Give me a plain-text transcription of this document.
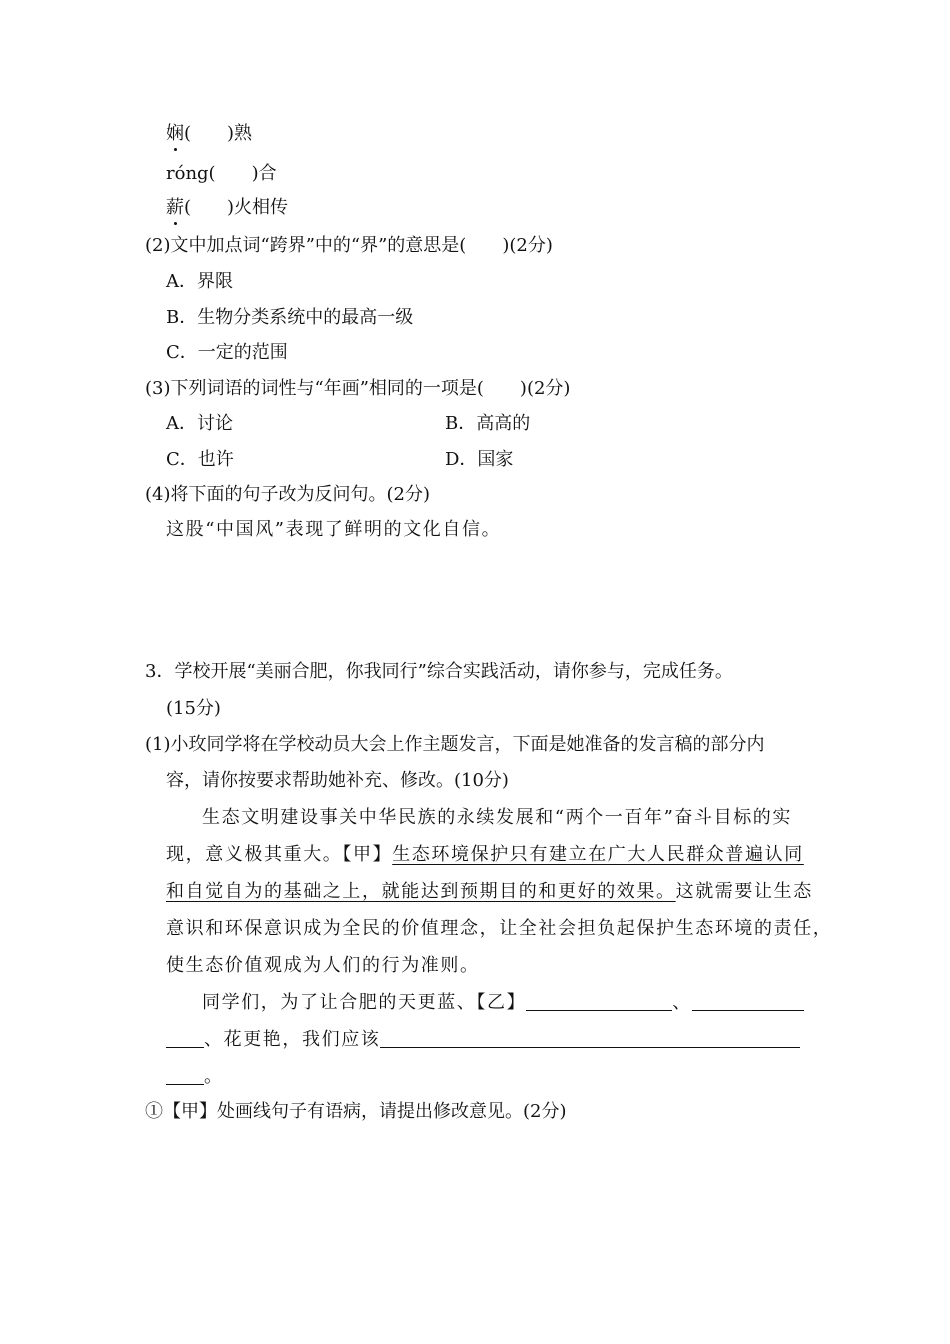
娴(　　)熟
róng(　　)合
薪(　　)火相传
(2)文中加点词“跨界”中的“界”的意思是(　　)(2分)
A．界限
B．生物分类系统中的最高一级
C．一定的范围
(3)下列词语的词性与“年画”相同的一项是(　　)(2分)
A．讨论	B．高高的
C．也许	D．国家
(4)将下面的句子改为反问句。(2分)
这股“中国风”表现了鲜明的文化自信。
3．学校开展“美丽合肥，你我同行”综合实践活动，请你参与，完成任务。
(15分)
(1)小玫同学将在学校动员大会上作主题发言，下面是她准备的发言稿的部分内
容，请你按要求帮助她补充、修改。(10分)
生态文明建设事关中华民族的永续发展和“两个一百年”奋斗目标的实
现，意义极其重大。【甲】生态环境保护只有建立在广大人民群众普遍认同
和自觉自为的基础之上，就能达到预期目的和更好的效果。这就需要让生态
意识和环保意识成为全民的价值理念，让全社会担负起保护生态环境的责任，
使生态价值观成为人们的行为准则。
同学们，为了让合肥的天更蓝、【乙】	、
、花更艳，我们应该
。
①【甲】处画线句子有语病，请提出修改意见。(2分)
